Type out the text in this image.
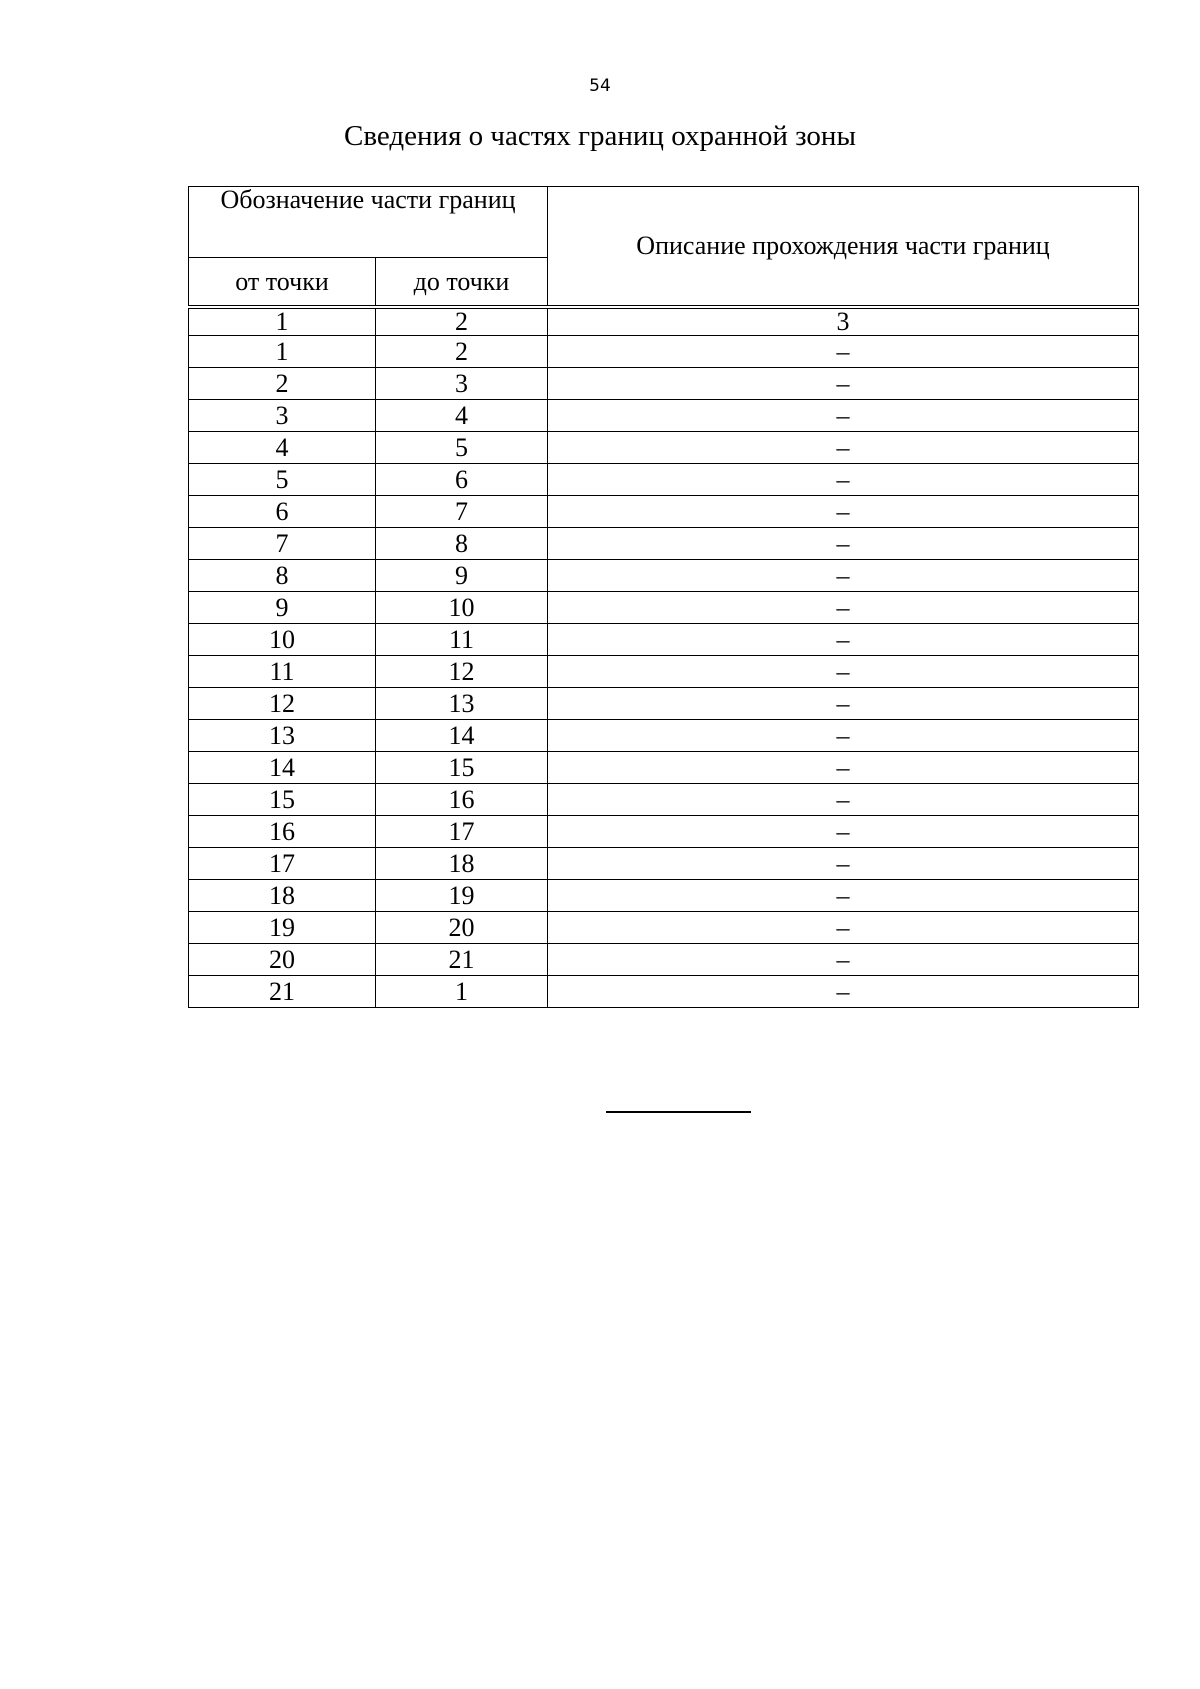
54
Сведения о частях границ охранной зоны
Обозначение части границ		Описание прохождения части границ
от точки	до точки	

1	2	3
1	2	–
2	3	–
3	4	–
4	5	–
5	6	–
6	7	–
7	8	–
8	9	–
9	10	–
10	11	–
11	12	–
12	13	–
13	14	–
14	15	–
15	16	–
16	17	–
17	18	–
18	19	–
19	20	–
20	21	–
21	1	–
